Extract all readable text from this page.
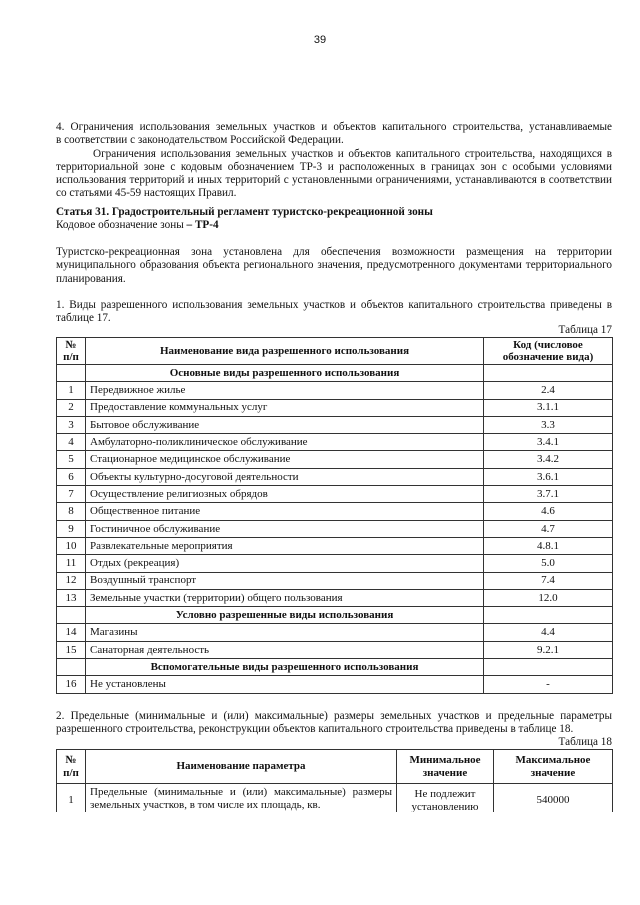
39
4. Ограничения использования земельных участков и объектов капитального строительства, устанавливаемые
в соответствии с законодательством Российской Федерации.
Ограничения использования земельных участков и объектов капитального строительства, находящихся в территориальной зоне с кодовым обозначением ТР-3 и расположенных в границах зон с особыми условиями использования территорий и иных территорий с установленными ограничениями, устанавливаются в соответствии со статьями 45-59 настоящих Правил.
Статья 31. Градостроительный регламент туристско-рекреационной зоны
Кодовое обозначение зоны – ТР-4
Туристско-рекреационная зона установлена для обеспечения возможности размещения на территории муниципального образования объекта регионального значения, предусмотренного документами территориального планирования.
1. Виды разрешенного использования земельных участков и объектов капитального строительства приведены в таблице 17.
Таблица 17
№ п/п	Наименование вида разрешенного использования	Код (числовое обозначение вида)
	Основные виды разрешенного использования	
1	Передвижное жилье	2.4
2	Предоставление коммунальных услуг	3.1.1
3	Бытовое обслуживание	3.3
4	Амбулаторно-поликлиническое обслуживание	3.4.1
5	Стационарное медицинское обслуживание	3.4.2
6	Объекты культурно-досуговой деятельности	3.6.1
7	Осуществление религиозных обрядов	3.7.1
8	Общественное питание	4.6
9	Гостиничное обслуживание	4.7
10	Развлекательные мероприятия	4.8.1
11	Отдых (рекреация)	5.0
12	Воздушный транспорт	7.4
13	Земельные участки (территории) общего пользования	12.0
	Условно разрешенные виды использования	
14	Магазины	4.4
15	Санаторная деятельность	9.2.1
	Вспомогательные виды разрешенного использования	
16	Не установлены	-
2. Предельные (минимальные и (или) максимальные) размеры земельных участков и предельные параметры разрешенного строительства, реконструкции объектов капитального строительства приведены в таблице 18.
Таблица 18
№ п/п	Наименование параметра	Минимальное значение	Максимальное значение
1	Предельные (минимальные и (или) максимальные) размеры земельных участков, в том числе их площадь, кв.	Не подлежит установлению	540000
